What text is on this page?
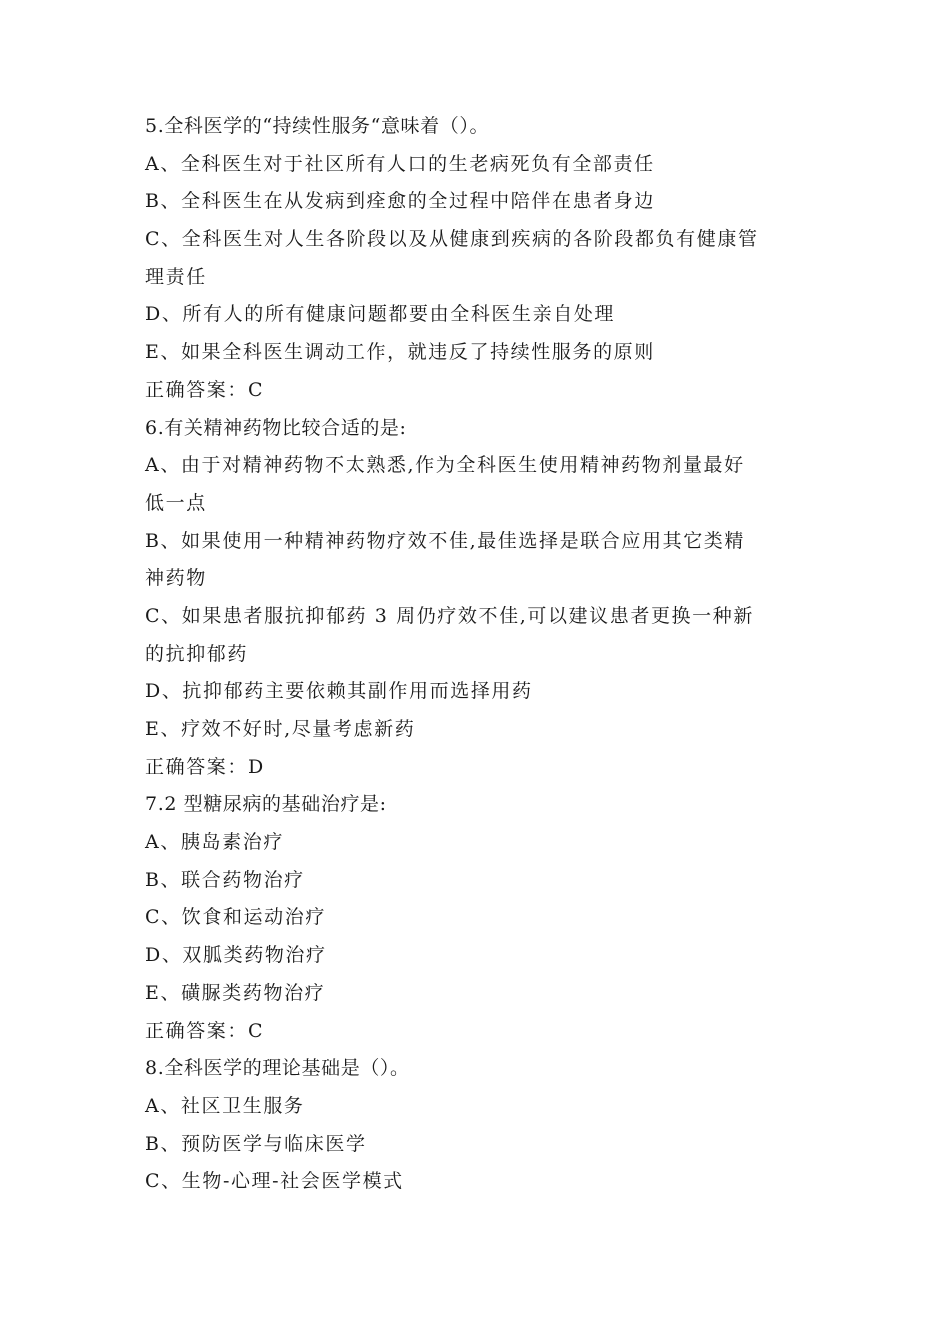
5.全科医学的“持续性服务“意味着（）。
A、全科医生对于社区所有人口的生老病死负有全部责任
B、全科医生在从发病到痊愈的全过程中陪伴在患者身边
C、全科医生对人生各阶段以及从健康到疾病的各阶段都负有健康管
理责任
D、所有人的所有健康问题都要由全科医生亲自处理
E、如果全科医生调动工作，就违反了持续性服务的原则
正确答案：C
6.有关精神药物比较合适的是:
A、由于对精神药物不太熟悉,作为全科医生使用精神药物剂量最好
低一点
B、如果使用一种精神药物疗效不佳,最佳选择是联合应用其它类精
神药物
C、如果患者服抗抑郁药 3 周仍疗效不佳,可以建议患者更换一种新
的抗抑郁药
D、抗抑郁药主要依赖其副作用而选择用药
E、疗效不好时,尽量考虑新药
正确答案：D
7.2 型糖尿病的基础治疗是:
A、胰岛素治疗
B、联合药物治疗
C、饮食和运动治疗
D、双胍类药物治疗
E、磺脲类药物治疗
正确答案：C
8.全科医学的理论基础是（）。
A、社区卫生服务
B、预防医学与临床医学
C、生物-心理-社会医学模式
